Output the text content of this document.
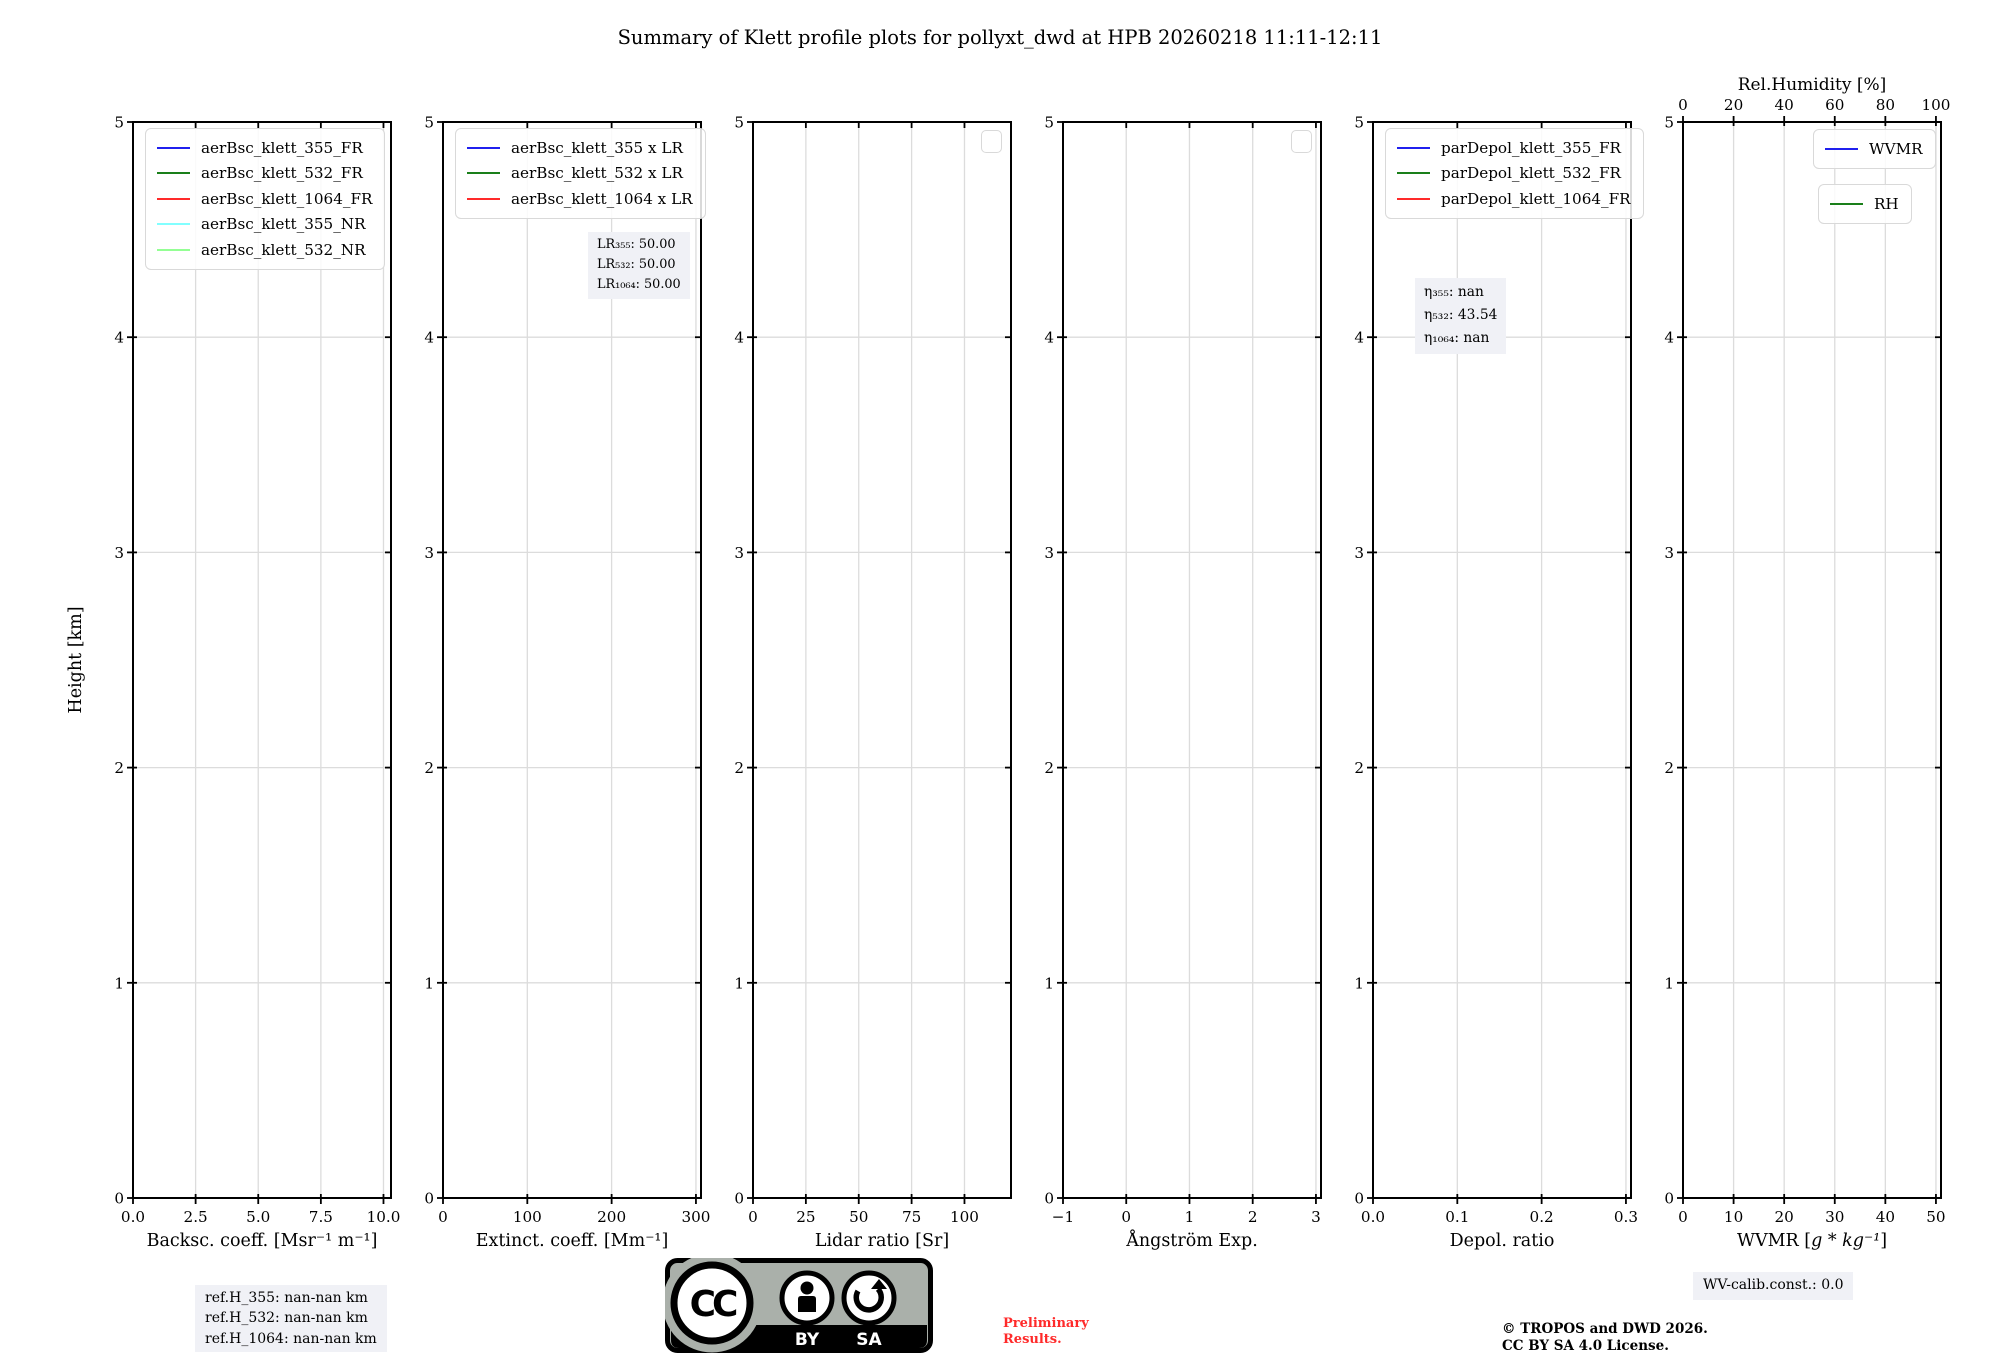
Summary of Klett profile plots for pollyxt_dwd at HPB 20260218 11:11-12:11
Height [km]
0.0	2.5	5.0	7.5 10.0
0
1
2
3
4
5
Backsc. coeff. [Msr⁻¹ m⁻¹]
0	100	200	300
0
1
2
3
4
5
Extinct. coeff. [Mm⁻¹]
0	25 50 75 100
0
1
2
3
4
5
Lidar ratio [Sr]
−1	0	1	2	3
0
1
2
3
4
5
Ångström Exp.
0.0	0.1	0.2	0.3
0
1
2
3
4
5
Depol. ratio
0 10 20 30 40 50
0
1
2
3
4
5
0 20 40 60 80 100
Rel.Humidity [%]
WVMR [g * kg⁻¹]
aerBsc_klett_355_FR
aerBsc_klett_532_FR
aerBsc_klett_1064_FR
aerBsc_klett_355_NR
aerBsc_klett_532_NR
aerBsc_klett_355 x LR
aerBsc_klett_532 x LR
aerBsc_klett_1064 x LR
parDepol_klett_355_FR
parDepol_klett_532_FR
parDepol_klett_1064_FR
WVMR
RH
LR₃₅₅: 50.00
LR₅₃₂: 50.00
LR₁₀₆₄: 50.00	η₃₅₅: nan
η₅₃₂: 43.54
η₁₀₆₄: nan
ref.H_355: nan-nan km
ref.H_532: nan-nan km
ref.H_1064: nan-nan km
CC
BY SA
Preliminary
Results.
© TROPOS and DWD 2026.
CC BY SA 4.0 License.
WV-calib.const.: 0.0
